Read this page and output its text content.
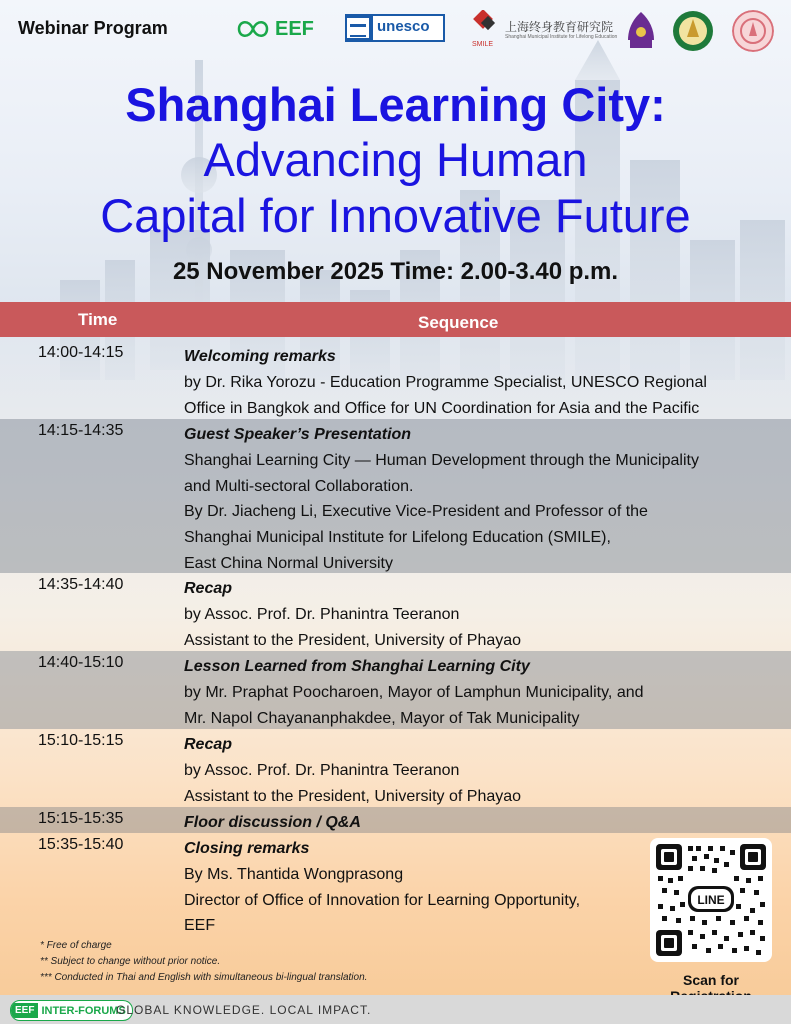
Webinar Program	EEF	unesco
SMILE
上海终身教育研究院
Shanghai Municipal Institute for Lifelong Education
Shanghai Learning City:
Advancing Human
Capital for Innovative Future
25 November 2025 Time: 2.00-3.40 p.m.
Time	Sequence
14:00-14:15	Welcoming remarks
by Dr. Rika Yorozu - Education Programme Specialist, UNESCO Regional
Office in Bangkok and Office for UN Coordination for Asia and the Pacific
14:15-14:35	Guest Speaker’s Presentation
Shanghai Learning City — Human Development through the Municipality
and Multi-sectoral Collaboration.
By Dr. Jiacheng Li, Executive Vice-President and Professor of the
Shanghai Municipal Institute for Lifelong Education (SMILE),
East China Normal University
14:35-14:40	Recap
by Assoc. Prof. Dr. Phanintra Teeranon
Assistant to the President, University of Phayao
14:40-15:10	Lesson Learned from Shanghai Learning City
by Mr. Praphat Poocharoen, Mayor of Lamphun Municipality, and
Mr. Napol Chayananphakdee, Mayor of Tak Municipality
15:10-15:15	Recap
by Assoc. Prof. Dr. Phanintra Teeranon
Assistant to the President, University of Phayao
15:15-15:35	Floor discussion / Q&A
15:35-15:40	Closing remarks
By Ms. Thantida Wongprasong
Director of Office of Innovation for Learning Opportunity,
EEF
* Free of charge
** Subject to change without prior notice.
*** Conducted in Thai and English with simultaneous bi-lingual translation.
LINE
Scan for
EEF INTER-FORUMS
GLOBAL KNOWLEDGE. LOCAL IMPACT.
